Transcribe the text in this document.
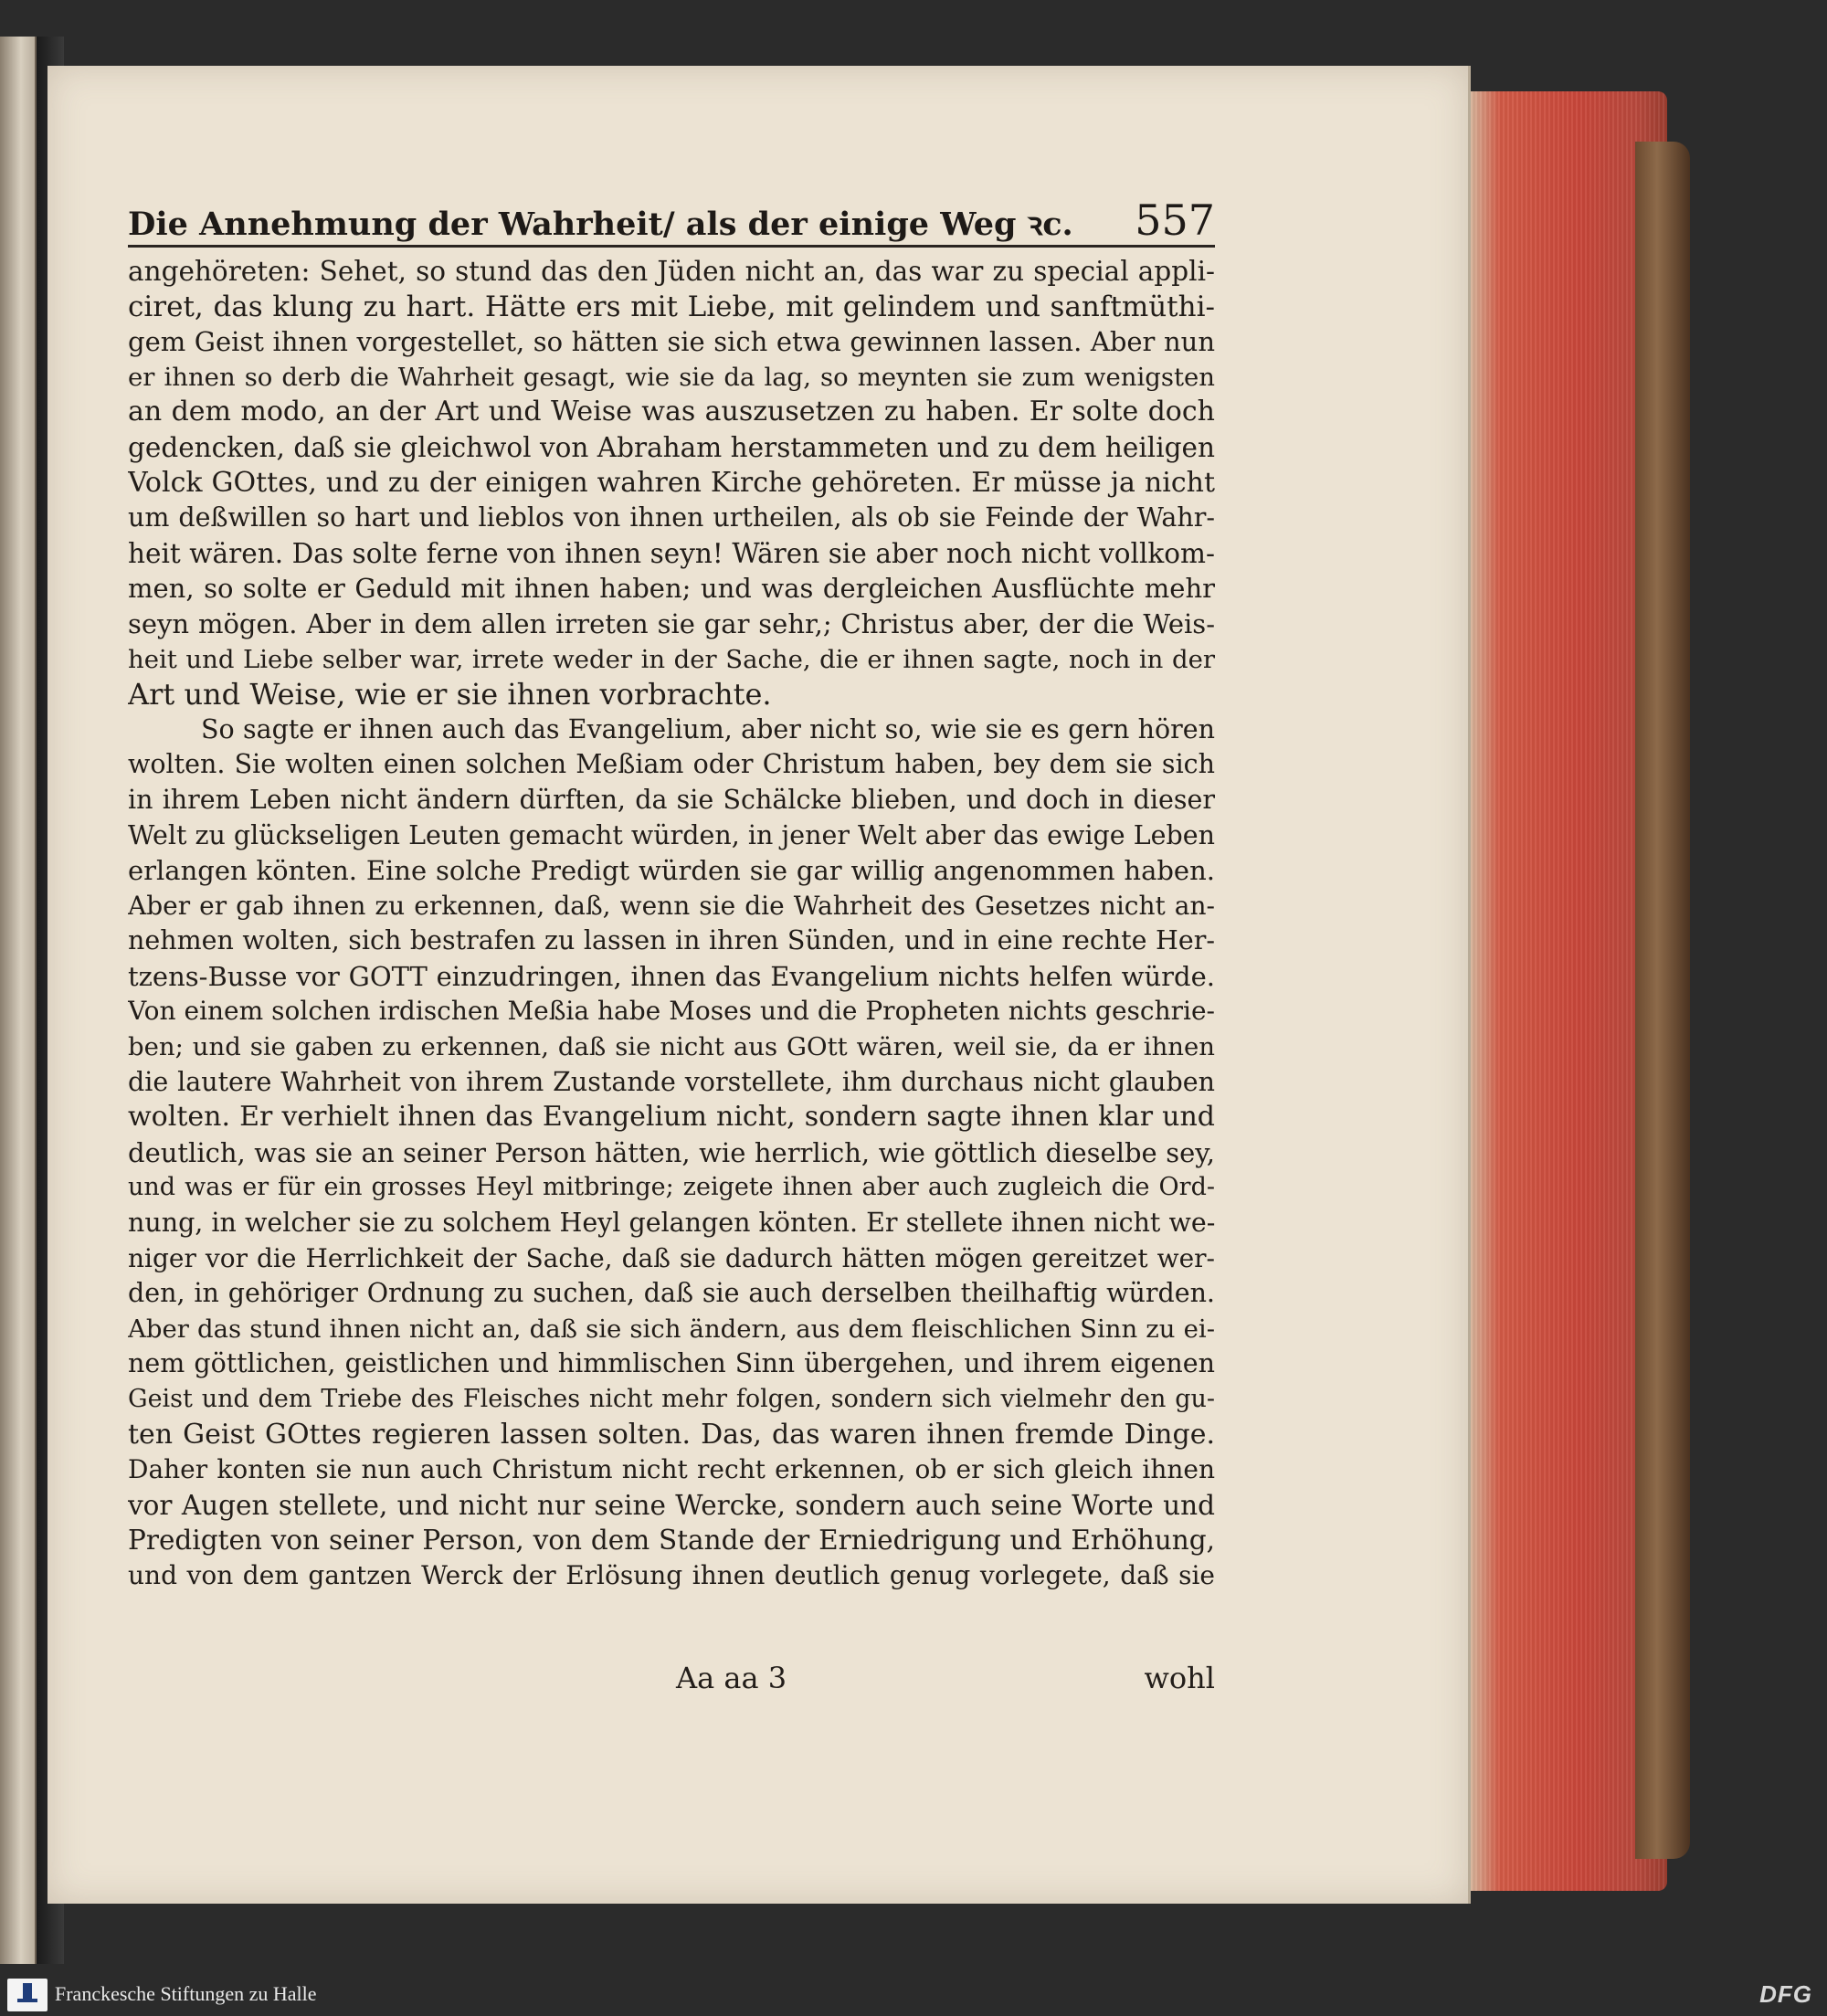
Die Annehmung der Wahrheit/ als der einige Weg ꝛc. 557
angehöreten: Sehet, so stund das den Jüden nicht an, das war zu special appli-
ciret, das klung zu hart. Hätte ers mit Liebe, mit gelindem und sanftmüthi-
gem Geist ihnen vorgestellet, so hätten sie sich etwa gewinnen lassen. Aber nun
er ihnen so derb die Wahrheit gesagt, wie sie da lag, so meynten sie zum wenigsten
an dem modo, an der Art und Weise was auszusetzen zu haben. Er solte doch
gedencken, daß sie gleichwol von Abraham herstammeten und zu dem heiligen
Volck GOttes, und zu der einigen wahren Kirche gehöreten. Er müsse ja nicht
um deßwillen so hart und lieblos von ihnen urtheilen, als ob sie Feinde der Wahr-
heit wären. Das solte ferne von ihnen seyn! Wären sie aber noch nicht vollkom-
men, so solte er Geduld mit ihnen haben; und was dergleichen Ausflüchte mehr
seyn mögen. Aber in dem allen irreten sie gar sehr,; Christus aber, der die Weis-
heit und Liebe selber war, irrete weder in der Sache, die er ihnen sagte, noch in der
Art und Weise, wie er sie ihnen vorbrachte.
So sagte er ihnen auch das Evangelium, aber nicht so, wie sie es gern hören
wolten. Sie wolten einen solchen Meßiam oder Christum haben, bey dem sie sich
in ihrem Leben nicht ändern dürften, da sie Schälcke blieben, und doch in dieser
Welt zu glückseligen Leuten gemacht würden, in jener Welt aber das ewige Leben
erlangen könten. Eine solche Predigt würden sie gar willig angenommen haben.
Aber er gab ihnen zu erkennen, daß, wenn sie die Wahrheit des Gesetzes nicht an-
nehmen wolten, sich bestrafen zu lassen in ihren Sünden, und in eine rechte Her-
tzens-Busse vor GOTT einzudringen, ihnen das Evangelium nichts helfen würde.
Von einem solchen irdischen Meßia habe Moses und die Propheten nichts geschrie-
ben; und sie gaben zu erkennen, daß sie nicht aus GOtt wären, weil sie, da er ihnen
die lautere Wahrheit von ihrem Zustande vorstellete, ihm durchaus nicht glauben
wolten. Er verhielt ihnen das Evangelium nicht, sondern sagte ihnen klar und
deutlich, was sie an seiner Person hätten, wie herrlich, wie göttlich dieselbe sey,
und was er für ein grosses Heyl mitbringe; zeigete ihnen aber auch zugleich die Ord-
nung, in welcher sie zu solchem Heyl gelangen könten. Er stellete ihnen nicht we-
niger vor die Herrlichkeit der Sache, daß sie dadurch hätten mögen gereitzet wer-
den, in gehöriger Ordnung zu suchen, daß sie auch derselben theilhaftig würden.
Aber das stund ihnen nicht an, daß sie sich ändern, aus dem fleischlichen Sinn zu ei-
nem göttlichen, geistlichen und himmlischen Sinn übergehen, und ihrem eigenen
Geist und dem Triebe des Fleisches nicht mehr folgen, sondern sich vielmehr den gu-
ten Geist GOttes regieren lassen solten. Das, das waren ihnen fremde Dinge.
Daher konten sie nun auch Christum nicht recht erkennen, ob er sich gleich ihnen
vor Augen stellete, und nicht nur seine Wercke, sondern auch seine Worte und
Predigten von seiner Person, von dem Stande der Erniedrigung und Erhöhung,
und von dem gantzen Werck der Erlösung ihnen deutlich genug vorlegete, daß sie
Aa aa 3	wohl
Franckesche Stiftungen zu Halle	DFG
